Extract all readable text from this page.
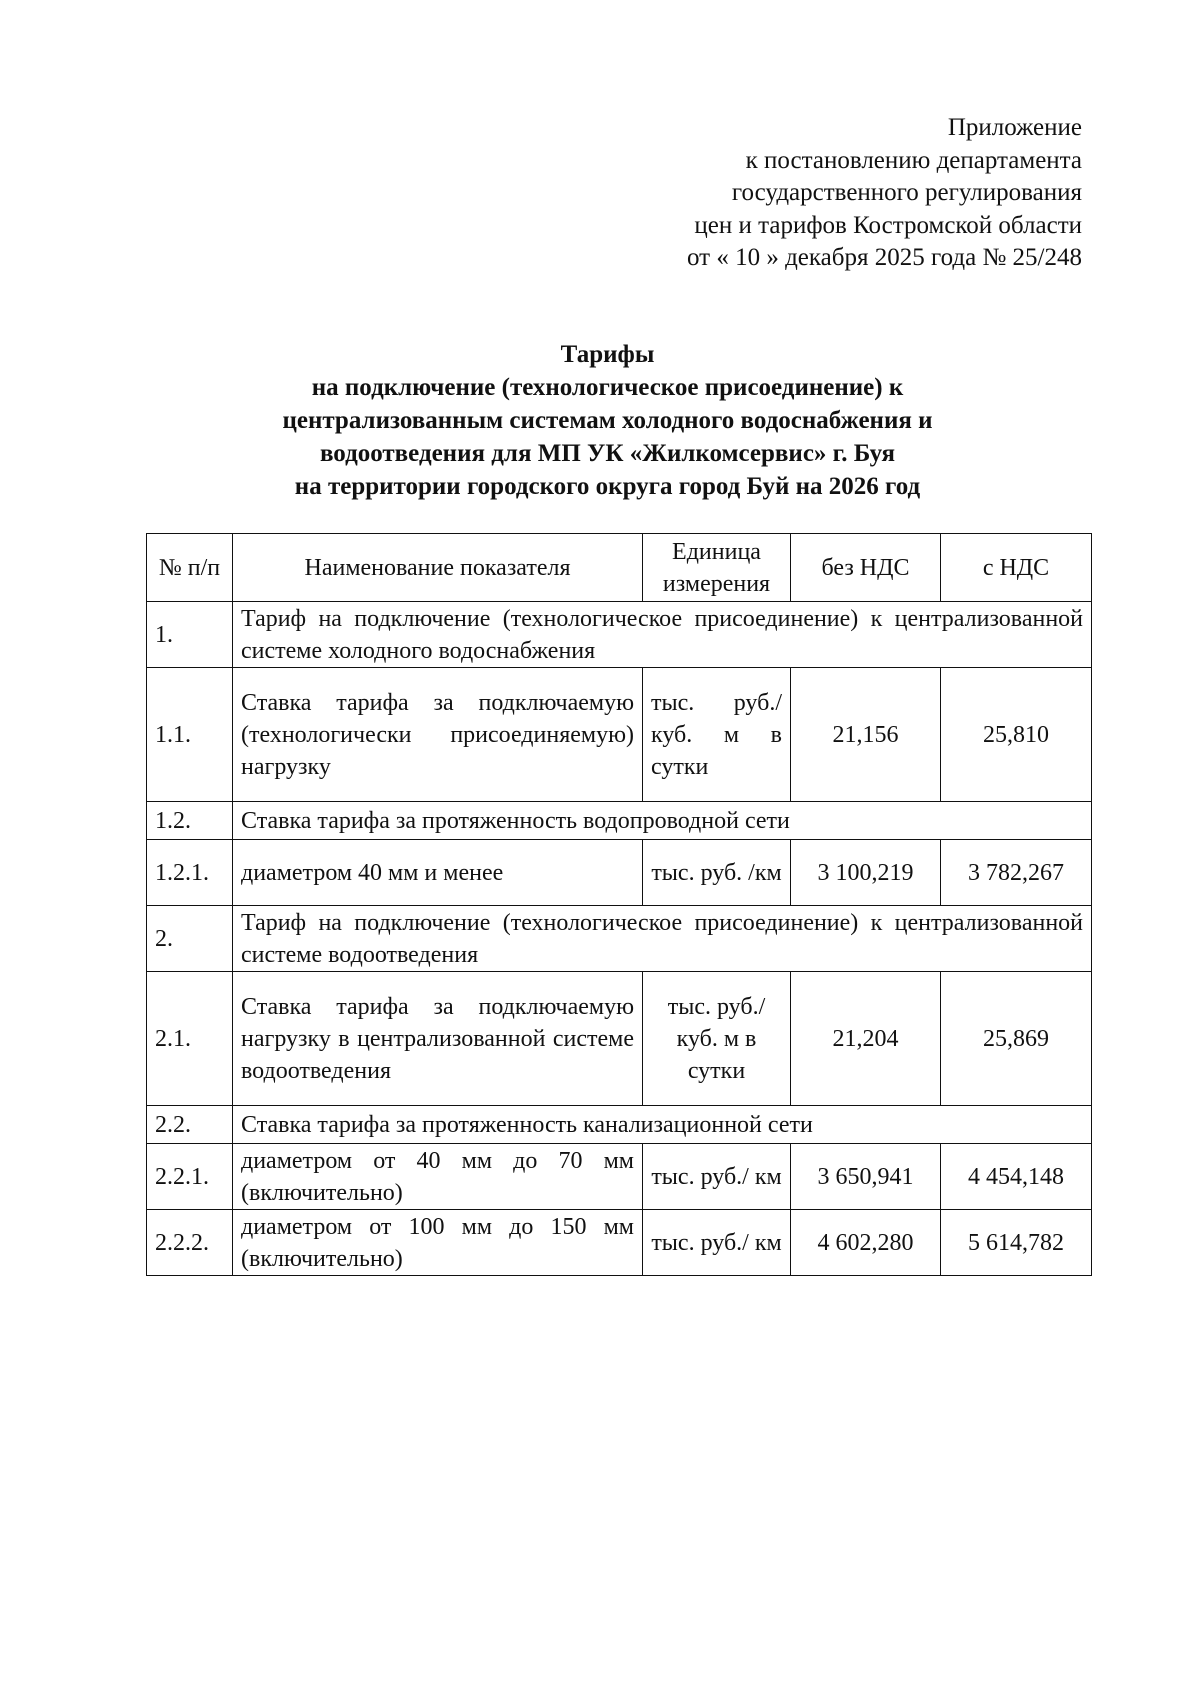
Приложение
к постановлению департамента
государственного регулирования
цен и тарифов Костромской области
от « 10 » декабря 2025 года № 25/248
Тарифы
на подключение (технологическое присоединение) к
централизованным системам холодного водоснабжения и
водоотведения для МП УК «Жилкомсервис» г. Буя
на территории городского округа город Буй на 2026 год
№ п/п	Наименование показателя	Единица измерения	без НДС	с НДС
1.	Тариф на подключение (технологическое присоединение) к централизованной системе холодного водоснабжения			
1.1.	Ставка тарифа за подключаемую (технологически присоединяемую) нагрузку	тыс. руб./ куб. м в сутки	21,156	25,810
1.2.	Ставка тарифа за протяженность водопроводной сети			
1.2.1.	диаметром 40 мм и менее	тыс. руб. /км	3 100,219	3 782,267
2.	Тариф на подключение (технологическое присоединение) к централизованной системе водоотведения			
2.1.	Ставка тарифа за подключаемую нагрузку в централизованной системе водоотведения	тыс. руб./ куб. м в сутки	21,204	25,869
2.2.	Ставка тарифа за протяженность канализационной сети			
2.2.1.	диаметром от 40 мм до 70 мм (включительно)	тыс. руб./ км	3 650,941	4 454,148
2.2.2.	диаметром от 100 мм до 150 мм (включительно)	тыс. руб./ км	4 602,280	5 614,782
